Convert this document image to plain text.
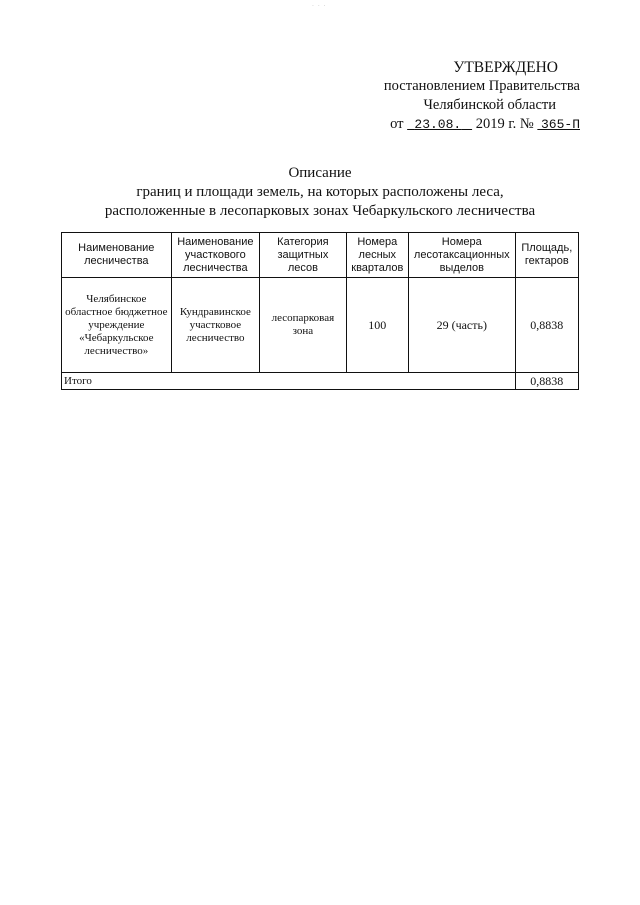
· · ·
УТВЕРЖДЕНО
постановлением Правительства
Челябинской области
от 23.08. 2019 г. № 365-П
Описание
границ и площади земель, на которых расположены леса,
расположенные в лесопарковых зонах Чебаркульского лесничества
Наименование лесничества	Наименование участкового лесничества	Категория защитных лесов	Номера лесных кварталов	Номера лесотаксационных выделов	Площадь, гектаров
Челябинское областное бюджетное учреждение «Чебаркульское лесничество»	Кундравинское участковое лесничество	лесопарковая зона	100	29 (часть)	0,8838
Итого					0,8838
